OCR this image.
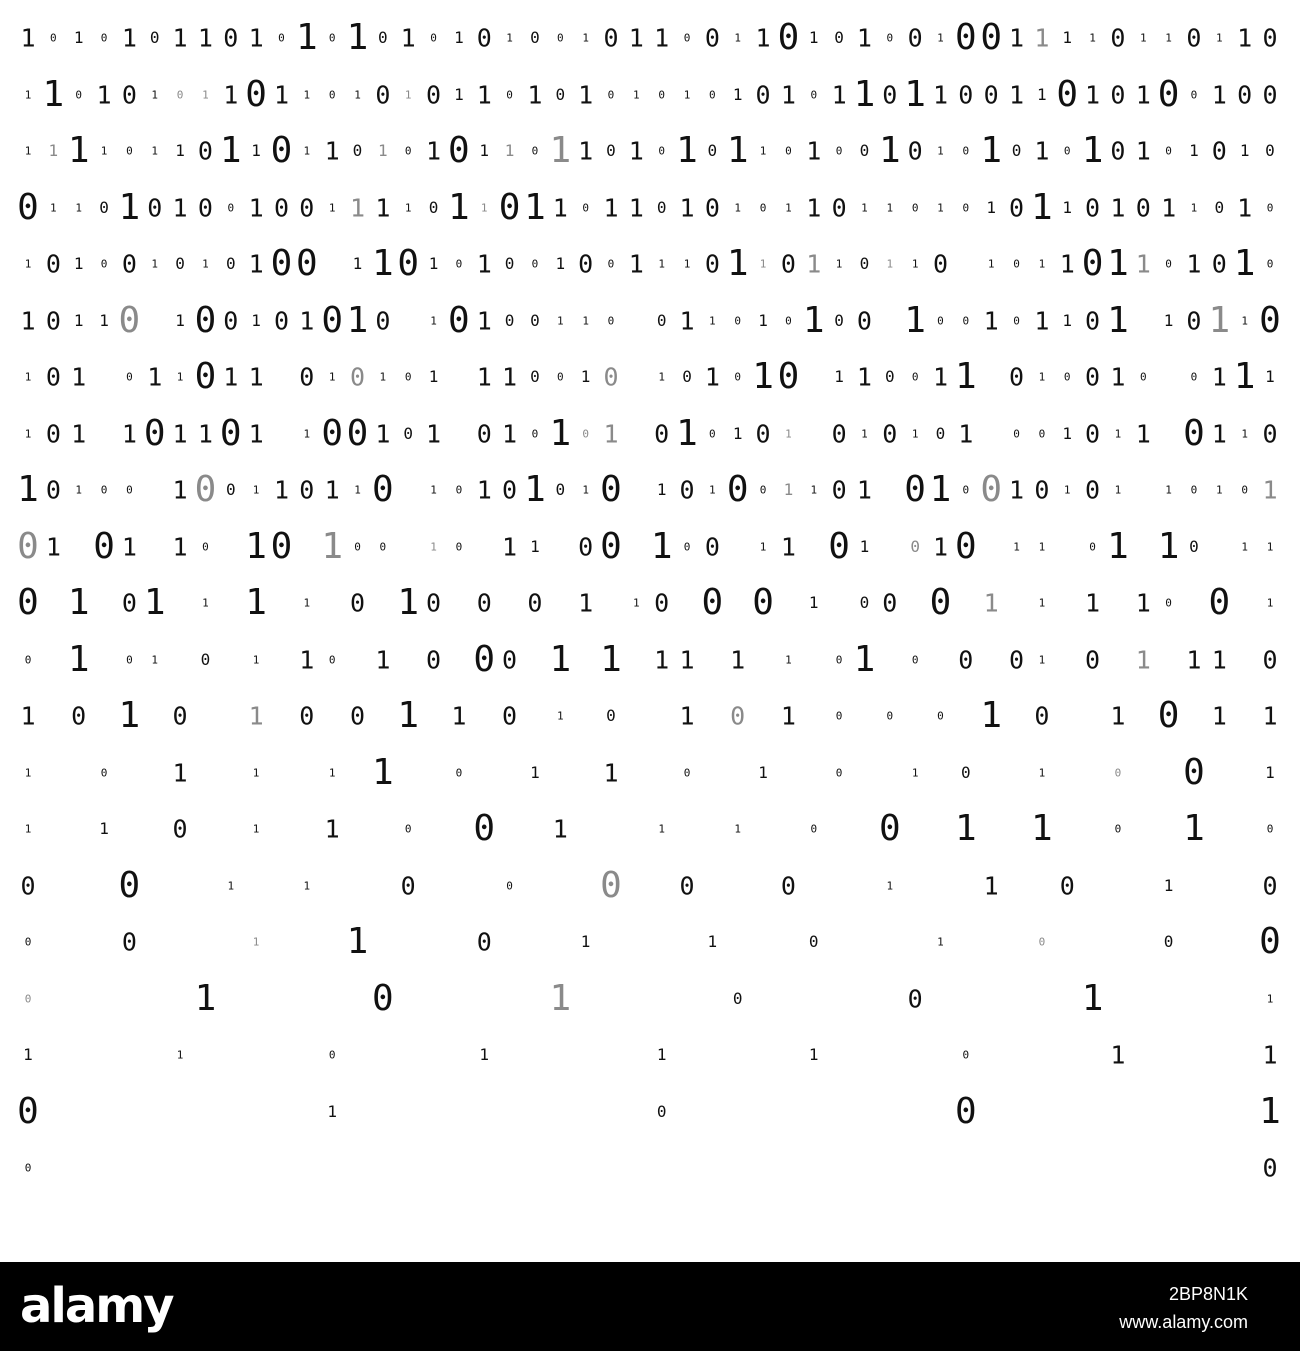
1 0 1 0 1 0 1 1 0 1 0 1 0 1 0 1 0 1 0 1 0 0 1 0 1 1 0 0 1 1 0 1 0 1 0 0 1 0 0 1 1 1 1 0 1 1 0 1 1 0
1 1 0 1 0 1 0 1 1 0 1 1 0 1 0 1 0 1 1 0 1 0 1 0 1 0 1 0 1 0 1 0 1 1 0 1 1 0 0 1 1 0 1 0 1 0 0 1 0 0
1 1 1 1 0 1 1 0 1 1 0 1 1 0 1 0 1 0 1 1 0 1 1 0 1 0 1 0 1 1 0 1 0 0 1 0 1 0 1 0 1 0 1 0 1 0 1 0 1 0
0 1 1 0 1 0 1 0 0 1 0 0 1 1 1 1 0 1 1 0 1 1 0 1 1 0 1 0 1 0 1 1 0 1 1 0 1 0 1 0 1 1 0 1 0 1 1 0 1 0
1 0 1 0 0 1 0 1 0 1 0 0 1 1 0 1 0 1 0 0 1 0 0 1 1 1 0 1 1 0 1 1 0 1 1 0	1 0 1 1 0 1 1 0 1 0 1 0
1 0 1 1 0 1 0 0 1 0 1 0 1 0	1 0 1 0 0 1 1 0	0 1 1 0 1 0 1 0 0 1 0 0 1 0 1 1 0 1 1 0 1 1 0
1 0 1	0 1 1 0 1 1 0 1 0 1 0 1 1 1 0 0 1 0	1 0 1 0 1 0 1 1 0 0 1 1 0 1 0 0 1 0	0 1 1 1
1 0 1 1 0 1 1 0 1	1 0 0 1 0 1 0 1 0 1 0 1 0 1 0 1 0 1 0 1 0 1 0 1	0 0 1 0 1 1 0 1 1 0
1 0 1 0 0 1 0 0 1 1 0 1 1 0	1 0 1 0 1 0 1 0 1 0 1 0 0 1 1 0 1 0 1 0 0 1 0 1 0 1	1 0 1 0 1
0 1 0 1 1 0 1 0 1 0 0	1 0 1 1 0 0 1 0 0	1 1 0 1	0 1 0	1 1	0 1 1 0	1 1
0 1 0 1	1 1	1 0 1 0 0 0 1	1 0 0 0 1	0 0 0 1	1 1 1 0 0	1
0 1	0 1	0	1 1 0 1 0 0 0 1 1 1 1 1	1	0 1	0 0 0 1 0 1 1 1 0
1 0 1 0 1 0 0 1 1 0	1	0	1 0 1	0	0	0 1 0 1 0 1 1
1	0	1	1	1 1	0	1	1	0	1	0	1	0	1	0 0	1
1	1	0	1	1	0 0 1	1	1	0 0 1 1	0 1	0
0 0	1	1	0	0 0 0	0	1	1 0	1	0
0	0	1 1	0	1	1	0	1	0	0 0
0	1	0	1	0	0	1	1
1	1	0	1	1	1	0	1	1
0	1	0	0	1
0	0
alamy	2BP8N1K
www.alamy.com
